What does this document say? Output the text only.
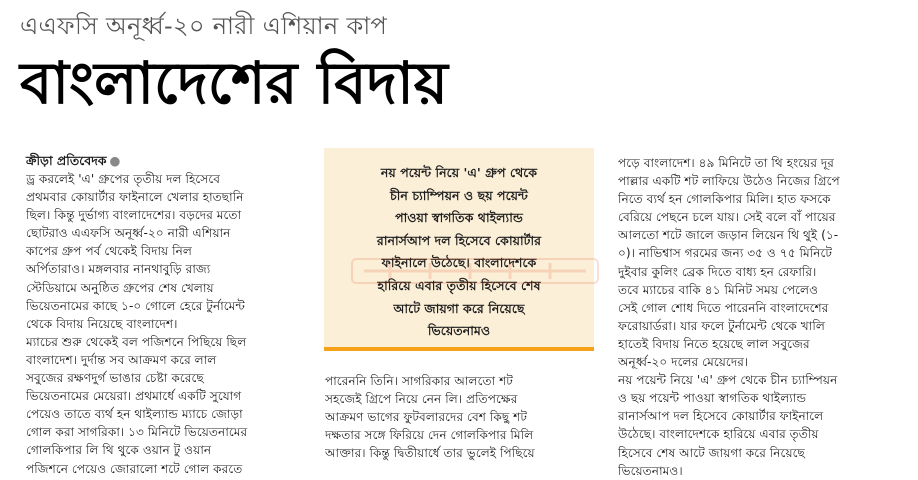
এএফসি অনূর্ধ্ব-২০ নারী এশিয়ান কাপ
বাংলাদেশের বিদায়
ক্রীড়া প্রতিবেদক ●

ড্র করলেই 'এ' গ্রুপের তৃতীয় দল হিসেবে

প্রথমবার কোয়ার্টার ফাইনালে খেলার হাতছানি

ছিল। কিন্তু দুর্ভাগ্য বাংলাদেশের। বড়দের মতো

ছোটরাও এএফসি অনূর্ধ্ব-২০ নারী এশিয়ান

কাপের গ্রুপ পর্ব থেকেই বিদায় নিল

অর্পিতারাও। মঙ্গলবার নানথাবুড়ি রাজ্য

স্টেডিয়ামে অনুষ্ঠিত গ্রুপের শেষ খেলায়

ভিয়েতনামের কাছে ১-০ গোলে হেরে টুর্নামেন্ট

থেকে বিদায় নিয়েছে বাংলাদেশ।

ম্যাচের শুরু থেকেই বল পজিশনে পিছিয়ে ছিল

বাংলাদেশ। দুর্দান্ত সব আক্রমণ করে লাল

সবুজের রক্ষণদুর্গ ভাঙার চেষ্টা করেছে

ভিয়েতনামের মেয়েরা। প্রথমার্ধে একটি সুযোগ

পেয়েও তাতে ব্যর্থ হন থাইল্যান্ড ম্যাচে জোড়া

গোল করা সাগরিকা। ১৩ মিনিটে ভিয়েতনামের

গোলকিপার লি থি থুকে ওয়ান টু ওয়ান

পজিশনে পেয়েও জোরালো শটে গোল করতে

নয় পয়েন্ট নিয়ে 'এ' গ্রুপ থেকে

চীন চ্যাম্পিয়ন ও ছয় পয়েন্ট

পাওয়া স্বাগতিক থাইল্যান্ড

রানার্সআপ দল হিসেবে কোয়ার্টার

ফাইনালে উঠেছে। বাংলাদেশকে

হারিয়ে এবার তৃতীয় হিসেবে শেষ

আটে জায়গা করে নিয়েছে

ভিয়েতনামও

পারেননি তিনি। সাগরিকার আলতো শট

সহজেই গ্রিপে নিয়ে নেন লি। প্রতিপক্ষের

আক্রমণ ভাগের ফুটবলারদের বেশ কিছু শট

দক্ষতার সঙ্গে ফিরিয়ে দেন গোলকিপার মিলি

আক্তার। কিন্তু দ্বিতীয়ার্ধে তার ভুলেই পিছিয়ে

পড়ে বাংলাদেশ। ৪৯ মিনিটে তা থি হংয়ের দূর

পাল্লার একটি শট লাফিয়ে উঠেও নিজের গ্রিপে

নিতে ব্যর্থ হন গোলকিপার মিলি। হাত ফসকে

বেরিয়ে পেছনে চলে যায়। সেই বলে বাঁ পায়ের

আলতো শটে জালে জড়ান লিয়েন থি থুই (১-

০)। নাভিশ্বাস গরমের জন্য ৩৫ ও ৭৫ মিনিটে

দুইবার কুলিং ব্রেক দিতে বাধ্য হন রেফারি।

তবে ম্যাচের বাকি ৪১ মিনিট সময় পেলেও

সেই গোল শোধ দিতে পারেননি বাংলাদেশের

ফরোয়ার্ডরা। যার ফলে টুর্নামেন্ট থেকে খালি

হাতেই বিদায় নিতে হয়েছে লাল সবুজের

অনূর্ধ্ব-২০ দলের মেয়েদের।

নয় পয়েন্ট নিয়ে 'এ' গ্রুপ থেকে চীন চ্যাম্পিয়ন

ও ছয় পয়েন্ট পাওয়া স্বাগতিক থাইল্যান্ড

রানার্সআপ দল হিসেবে কোয়ার্টার ফাইনালে

উঠেছে। বাংলাদেশকে হারিয়ে এবার তৃতীয়

হিসেবে শেষ আটে জায়গা করে নিয়েছে

ভিয়েতনামও।
